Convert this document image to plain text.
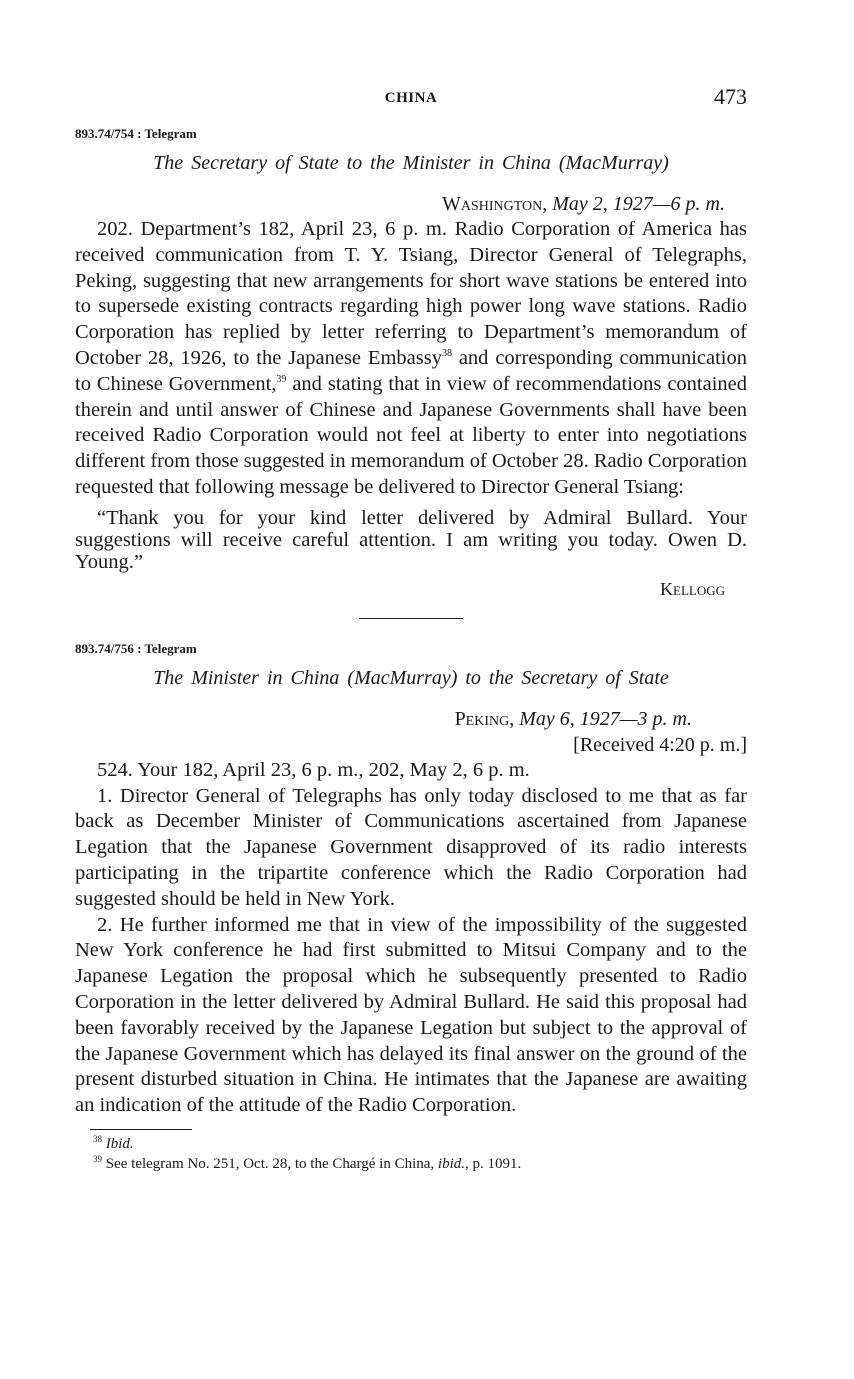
CHINA	473
893.74/754 : Telegram
The Secretary of State to the Minister in China (MacMurray)
Washington, May 2, 1927—6 p. m.

202. Department’s 182, April 23, 6 p. m. Radio Corporation of America has received communication from T. Y. Tsiang, Director General of Telegraphs, Peking, suggesting that new arrangements for short wave stations be entered into to supersede existing contracts regarding high power long wave stations. Radio Corporation has replied by letter referring to Department’s memorandum of October 28, 1926, to the Japanese Embassy$^{38}$ and corresponding communication to Chinese Government,$^{39}$ and stating that in view of recommendations contained therein and until answer of Chinese and Japanese Governments shall have been received Radio Corporation would not feel at liberty to enter into negotiations different from those suggested in memorandum of October 28. Radio Corporation requested that following message be delivered to Director General Tsiang:

“Thank you for your kind letter delivered by Admiral Bullard. Your suggestions will receive careful attention. I am writing you today. Owen D. Young.”

Kellogg
893.74/756 : Telegram
The Minister in China (MacMurray) to the Secretary of State
Peking, May 6, 1927—3 p. m.
[Received 4:20 p. m.]

524. Your 182, April 23, 6 p. m., 202, May 2, 6 p. m.

1. Director General of Telegraphs has only today disclosed to me that as far back as December Minister of Communications ascertained from Japanese Legation that the Japanese Government disapproved of its radio interests participating in the tripartite conference which the Radio Corporation had suggested should be held in New York.

2. He further informed me that in view of the impossibility of the suggested New York conference he had first submitted to Mitsui Company and to the Japanese Legation the proposal which he subsequently presented to Radio Corporation in the letter delivered by Admiral Bullard. He said this proposal had been favorably received by the Japanese Legation but subject to the approval of the Japanese Government which has delayed its final answer on the ground of the present disturbed situation in China. He intimates that the Japanese are awaiting an indication of the attitude of the Radio Corporation.

$^{38}$ Ibid.
$^{39}$ See telegram No. 251, Oct. 28, to the Chargé in China, ibid., p. 1091.
